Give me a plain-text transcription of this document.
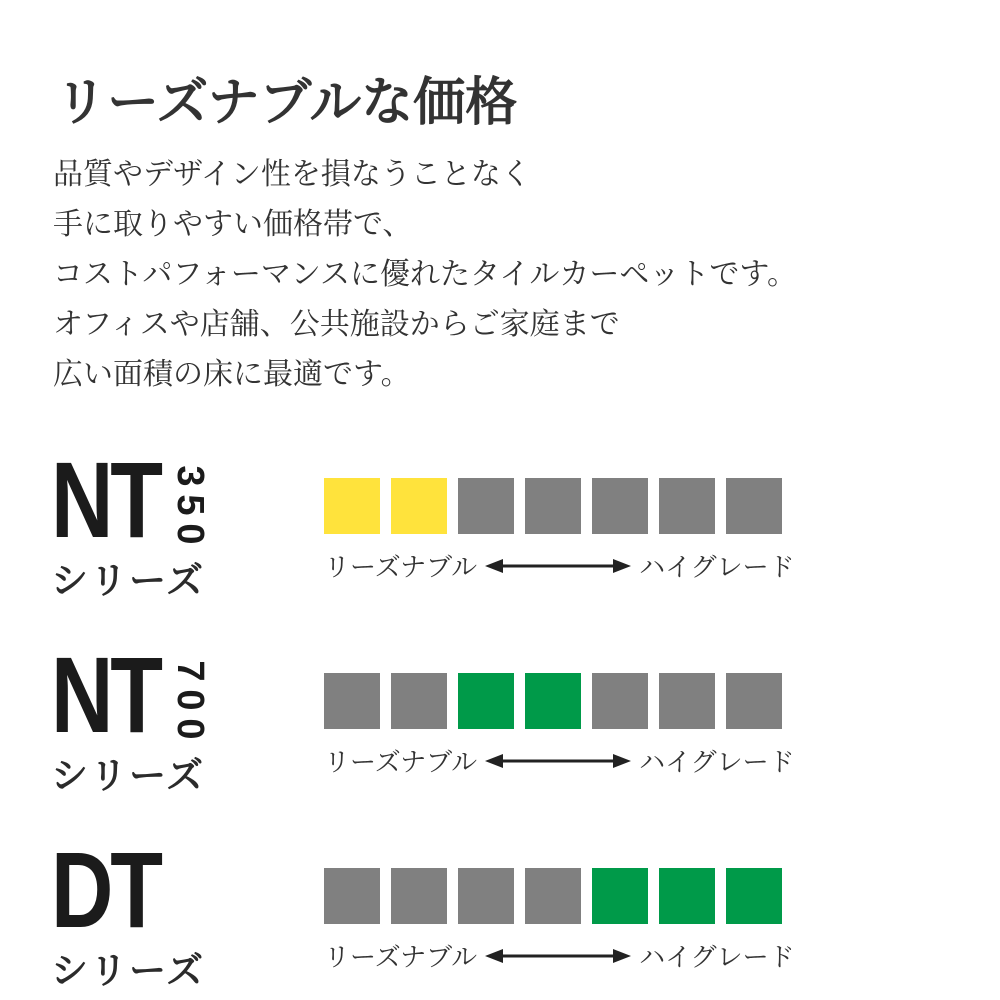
リーズナブルな価格
品質やデザイン性を損なうことなく
手に取りやすい価格帯で、
コストパフォーマンスに優れたタイルカーペットです。
オフィスや店舗、公共施設からご家庭まで
広い面積の床に最適です。
NT 3
5
0
シリーズ	リーズナブル	ハイグレード
NT 7
0
0
シリーズ	リーズナブル	ハイグレード
DT
シリーズ	リーズナブル	ハイグレード
